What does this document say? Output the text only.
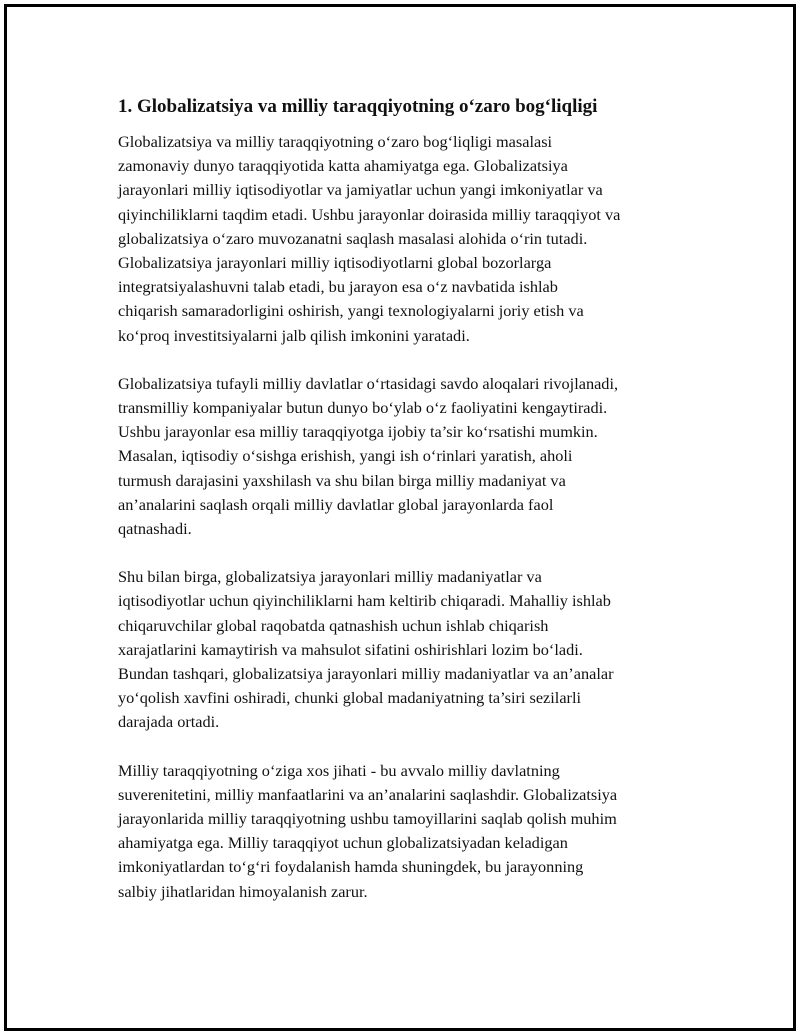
1. Globalizatsiya va milliy taraqqiyotning o‘zaro bog‘liqligi

Globalizatsiya va milliy taraqqiyotning o‘zaro bog‘liqligi masalasi
zamonaviy dunyo taraqqiyotida katta ahamiyatga ega. Globalizatsiya
jarayonlari milliy iqtisodiyotlar va jamiyatlar uchun yangi imkoniyatlar va
qiyinchiliklarni taqdim etadi. Ushbu jarayonlar doirasida milliy taraqqiyot va
globalizatsiya o‘zaro muvozanatni saqlash masalasi alohida o‘rin tutadi.
Globalizatsiya jarayonlari milliy iqtisodiyotlarni global bozorlarga
integratsiyalashuvni talab etadi, bu jarayon esa o‘z navbatida ishlab
chiqarish samaradorligini oshirish, yangi texnologiyalarni joriy etish va
ko‘proq investitsiyalarni jalb qilish imkonini yaratadi.

Globalizatsiya tufayli milliy davlatlar o‘rtasidagi savdo aloqalari rivojlanadi,
transmilliy kompaniyalar butun dunyo bo‘ylab o‘z faoliyatini kengaytiradi.
Ushbu jarayonlar esa milliy taraqqiyotga ijobiy ta’sir ko‘rsatishi mumkin.
Masalan, iqtisodiy o‘sishga erishish, yangi ish o‘rinlari yaratish, aholi
turmush darajasini yaxshilash va shu bilan birga milliy madaniyat va
an’analarini saqlash orqali milliy davlatlar global jarayonlarda faol
qatnashadi.

Shu bilan birga, globalizatsiya jarayonlari milliy madaniyatlar va
iqtisodiyotlar uchun qiyinchiliklarni ham keltirib chiqaradi. Mahalliy ishlab
chiqaruvchilar global raqobatda qatnashish uchun ishlab chiqarish
xarajatlarini kamaytirish va mahsulot sifatini oshirishlari lozim bo‘ladi.
Bundan tashqari, globalizatsiya jarayonlari milliy madaniyatlar va an’analar
yo‘qolish xavfini oshiradi, chunki global madaniyatning ta’siri sezilarli
darajada ortadi.

Milliy taraqqiyotning o‘ziga xos jihati - bu avvalo milliy davlatning
suverenitetini, milliy manfaatlarini va an’analarini saqlashdir. Globalizatsiya
jarayonlarida milliy taraqqiyotning ushbu tamoyillarini saqlab qolish muhim
ahamiyatga ega. Milliy taraqqiyot uchun globalizatsiyadan keladigan
imkoniyatlardan to‘g‘ri foydalanish hamda shuningdek, bu jarayonning
salbiy jihatlaridan himoyalanish zarur.
